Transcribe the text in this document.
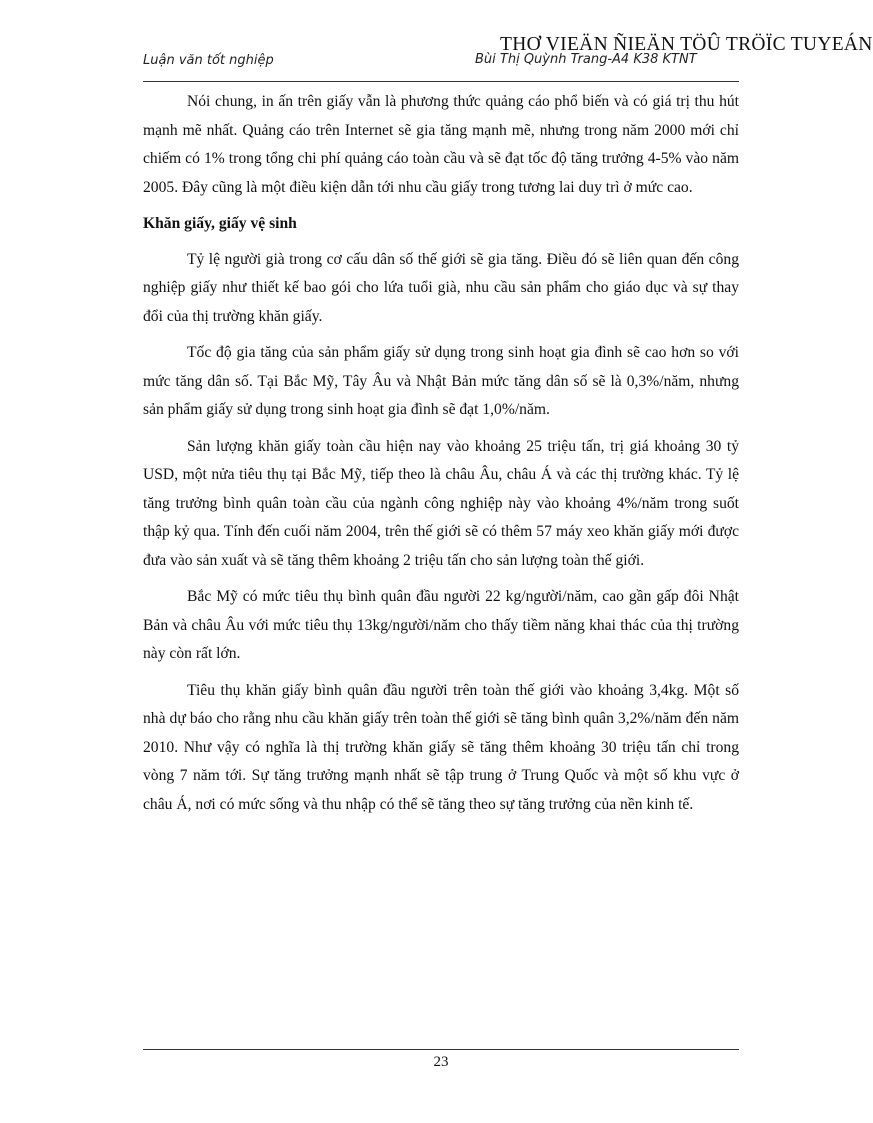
THƠ VIEÄN ÑIEÄN TÖÛ TRÖÏC TUYEÁN
Luận văn tốt nghiệp	Bùi Thị Quỳnh Trang-A4 K38 KTNT

Nói chung, in ấn trên giấy vẫn là phương thức quảng cáo phổ biến và có giá trị thu hút mạnh mẽ nhất. Quảng cáo trên Internet sẽ gia tăng mạnh mẽ, nhưng trong năm 2000 mới chỉ chiếm có 1% trong tổng chi phí quảng cáo toàn cầu và sẽ đạt tốc độ tăng trưởng 4-5% vào năm 2005. Đây cũng là một điều kiện dẫn tới nhu cầu giấy trong tương lai duy trì ở mức cao.

Khăn giấy, giấy vệ sinh

Tỷ lệ người già trong cơ cấu dân số thế giới sẽ gia tăng. Điều đó sẽ liên quan đến công nghiệp giấy như thiết kế bao gói cho lứa tuổi già, nhu cầu sản phẩm cho giáo dục và sự thay đổi của thị trường khăn giấy.

Tốc độ gia tăng của sản phẩm giấy sử dụng trong sinh hoạt gia đình sẽ cao hơn so với mức tăng dân số. Tại Bắc Mỹ, Tây Âu và Nhật Bản mức tăng dân số sẽ là 0,3%/năm, nhưng sản phẩm giấy sử dụng trong sinh hoạt gia đình sẽ đạt 1,0%/năm.

Sản lượng khăn giấy toàn cầu hiện nay vào khoảng 25 triệu tấn, trị giá khoảng 30 tỷ USD, một nửa tiêu thụ tại Bắc Mỹ, tiếp theo là châu Âu, châu Á và các thị trường khác. Tỷ lệ tăng trưởng bình quân toàn cầu của ngành công nghiệp này vào khoảng 4%/năm trong suốt thập kỷ qua. Tính đến cuối năm 2004, trên thế giới sẽ có thêm 57 máy xeo khăn giấy mới được đưa vào sản xuất và sẽ tăng thêm khoảng 2 triệu tấn cho sản lượng toàn thế giới.

Bắc Mỹ có mức tiêu thụ bình quân đầu người 22 kg/người/năm, cao gần gấp đôi Nhật Bản và châu Âu với mức tiêu thụ 13kg/người/năm cho thấy tiềm năng khai thác của thị trường này còn rất lớn.

Tiêu thụ khăn giấy bình quân đầu người trên toàn thế giới vào khoảng 3,4kg. Một số nhà dự báo cho rằng nhu cầu khăn giấy trên toàn thế giới sẽ tăng bình quân 3,2%/năm đến năm 2010. Như vậy có nghĩa là thị trường khăn giấy sẽ tăng thêm khoảng 30 triệu tấn chỉ trong vòng 7 năm tới. Sự tăng trưởng mạnh nhất sẽ tập trung ở Trung Quốc và một số khu vực ở châu Á, nơi có mức sống và thu nhập có thể sẽ tăng theo sự tăng trưởng của nền kinh tế.

23
